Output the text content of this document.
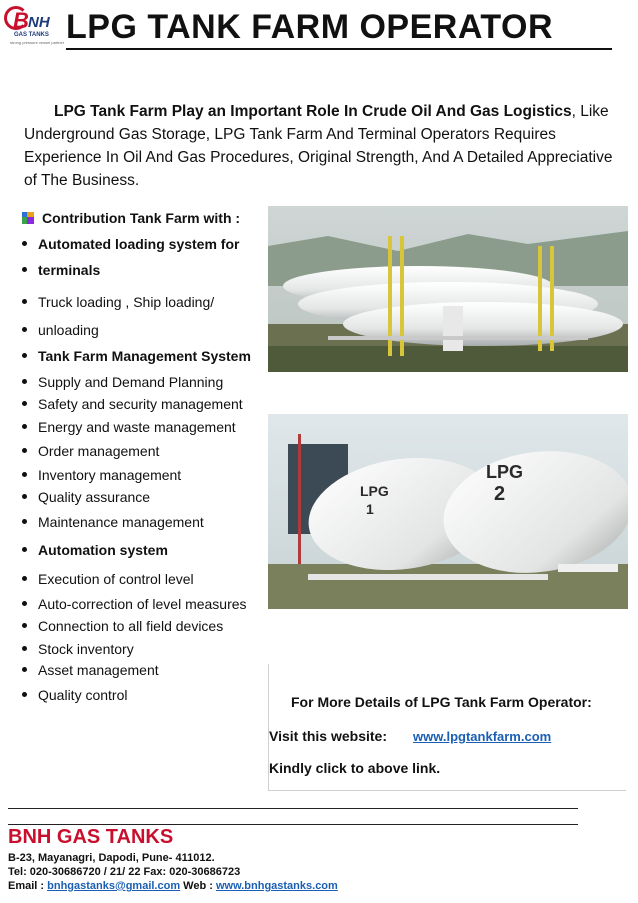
B NH
GAS TANKS
strong pressure vessel partner LPG TANK FARM OPERATOR
LPG Tank Farm Play an Important Role In Crude Oil And Gas Logistics, Like Underground Gas Storage, LPG Tank Farm And Terminal Operators Requires Experience In Oil And Gas Procedures, Original Strength, And A Detailed Appreciative of The Business.
Contribution Tank Farm with :
Automated loading system for
terminals
Truck loading , Ship loading/
unloading
Tank Farm Management System
Supply and Demand Planning
Safety and security management
Energy and waste management
Order management
Inventory management
Quality assurance
Maintenance management
Automation system
Execution of control level
Auto-correction of level measures
Connection to all field devices
Stock inventory
Asset management
Quality control
LPG
1
LPG
2
For More Details of LPG Tank Farm Operator:
Visit this website: www.lpgtankfarm.com
Kindly click to above link.
BNH GAS TANKS
B-23, Mayanagri, Dapodi, Pune- 411012.
Tel: 020-30686720 / 21/ 22 Fax: 020-30686723
Email : bnhgastanks@gmail.com Web : www.bnhgastanks.com
